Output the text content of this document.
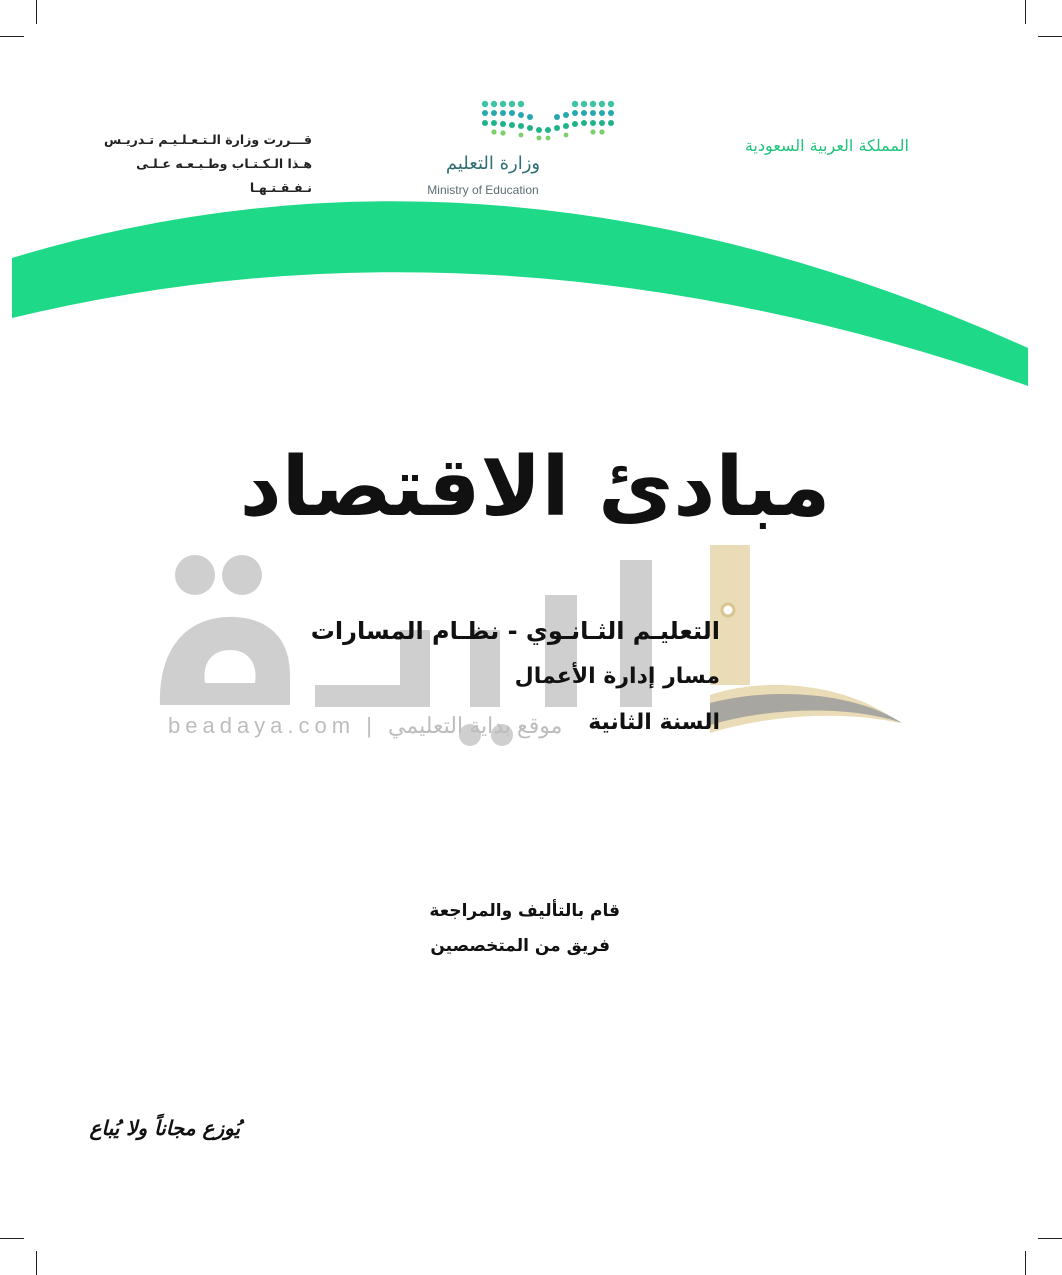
المملكة العربية السعودية
قـــررت وزارة الـتـعـلـيـم تـدريـس
هـذا الـكـتـاب وطـبـعـه عـلـى نـفـقـتـهـا
وزارة التعليم
Ministry of Education
beadaya.com | موقع بداية التعليمي
مبادئ الاقتصاد
التعليـم الثـانـوي - نظـام المسارات
مسار إدارة الأعمال
السنة الثانية
قام بالتأليف والمراجعة
فريق من المتخصصين
يُوزع مجاناً ولا يُباع
